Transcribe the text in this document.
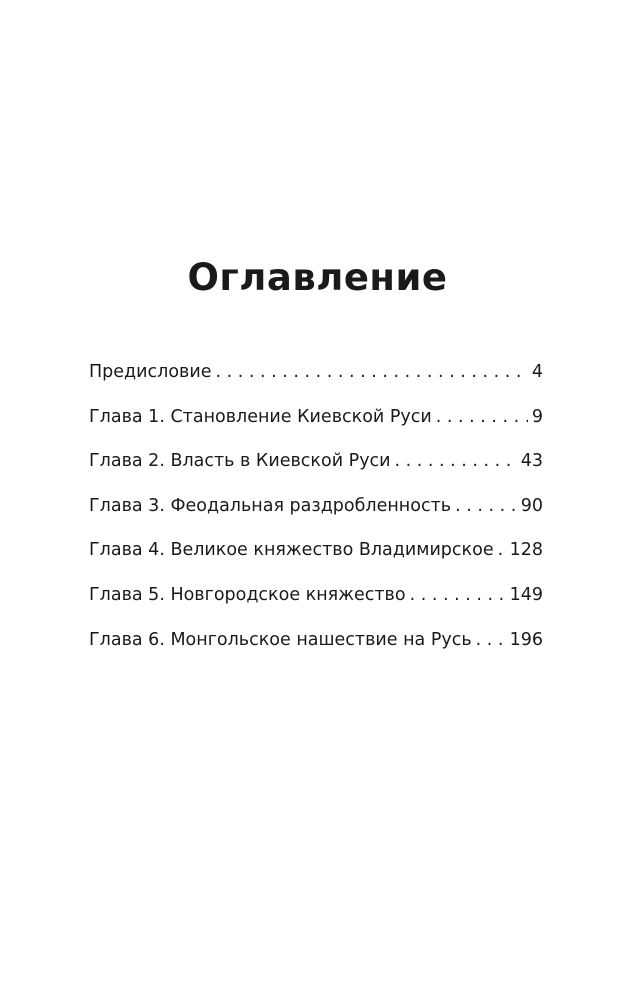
Оглавление
Предисловие . . .	4
Глава 1. Становление Киевской Руси . . .	9
Глава 2. Власть в Киевской Руси . . .	43
Глава 3. Феодальная раздробленность . . .	90
Глава 4. Великое княжество Владимирское . . . 128
Глава 5. Новгородское княжество . . .	149
Глава 6. Монгольское нашествие на Русь . . . 196
